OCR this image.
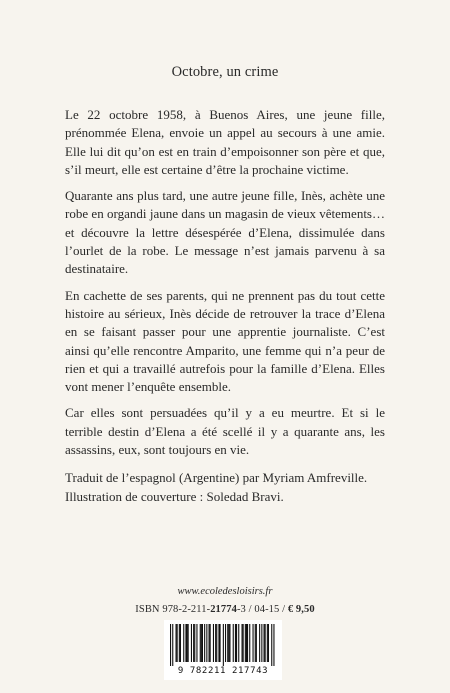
Octobre, un crime

Le 22 octobre 1958, à Buenos Aires, une jeune fille, prénommée Elena, envoie un appel au secours à une amie. Elle lui dit qu’on est en train d’empoisonner son père et que, s’il meurt, elle est certaine d’être la prochaine victime.

Quarante ans plus tard, une autre jeune fille, Inès, achète une robe en organdi jaune dans un magasin de vieux vêtements… et découvre la lettre désespérée d’Elena, dissimulée dans l’ourlet de la robe. Le message n’est jamais parvenu à sa destinataire.

En cachette de ses parents, qui ne prennent pas du tout cette histoire au sérieux, Inès décide de retrouver la trace d’Elena en se faisant passer pour une apprentie journaliste. C’est ainsi qu’elle rencontre Amparito, une femme qui n’a peur de rien et qui a travaillé autrefois pour la famille d’Elena. Elles vont mener l’enquête ensemble.

Car elles sont persuadées qu’il y a eu meurtre. Et si le terrible destin d’Elena a été scellé il y a quarante ans, les assassins, eux, sont toujours en vie.

Traduit de l’espagnol (Argentine) par Myriam Amfreville.
Illustration de couverture : Soledad Bravi.
www.ecoledesloisirs.fr
ISBN 978-2-211-21774-3 / 04-15 / € 9,50
9 782211 217743
